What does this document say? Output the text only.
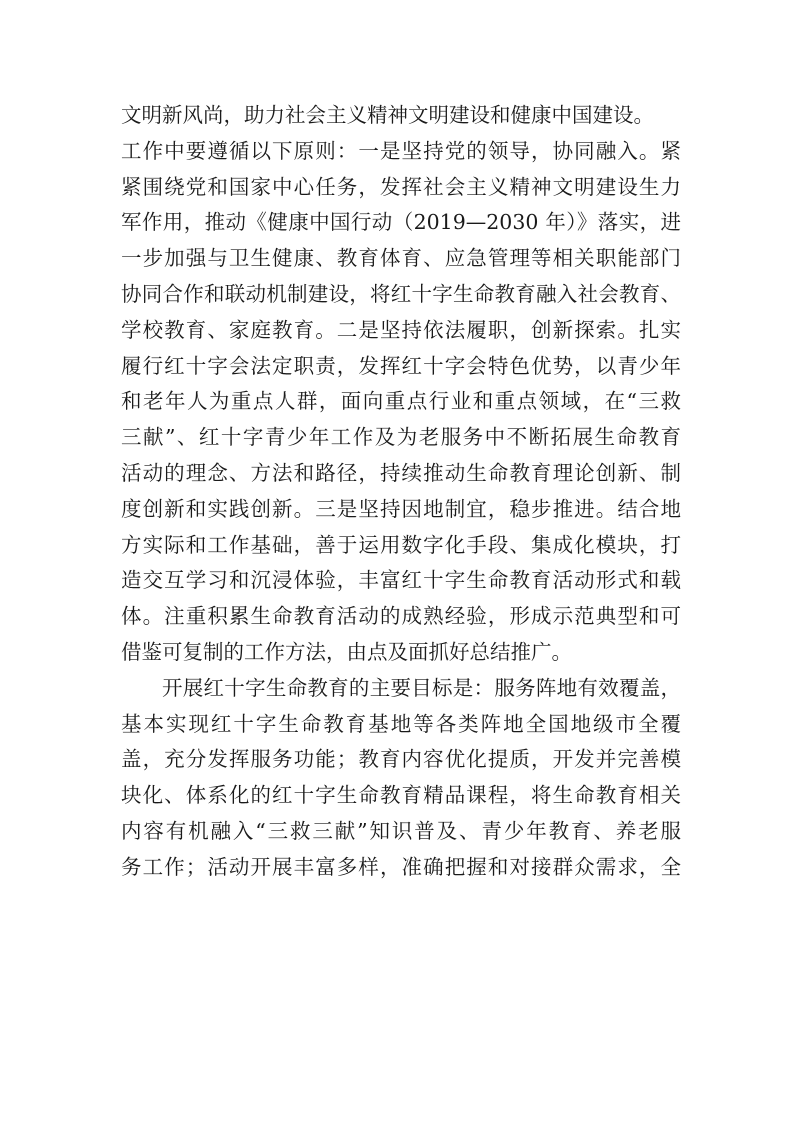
文明新风尚，助力社会主义精神文明建设和健康中国建设。
工作中要遵循以下原则：一是坚持党的领导，协同融入。紧
紧围绕党和国家中心任务，发挥社会主义精神文明建设生力
军作用，推动《健康中国行动（2019—2030 年）》落实，进
一步加强与卫生健康、教育体育、应急管理等相关职能部门
协同合作和联动机制建设，将红十字生命教育融入社会教育、
学校教育、家庭教育。二是坚持依法履职，创新探索。扎实
履行红十字会法定职责，发挥红十字会特色优势，以青少年
和老年人为重点人群，面向重点行业和重点领域，在“三救
三献”、红十字青少年工作及为老服务中不断拓展生命教育
活动的理念、方法和路径，持续推动生命教育理论创新、制
度创新和实践创新。三是坚持因地制宜，稳步推进。结合地
方实际和工作基础，善于运用数字化手段、集成化模块，打
造交互学习和沉浸体验，丰富红十字生命教育活动形式和载
体。注重积累生命教育活动的成熟经验，形成示范典型和可
借鉴可复制的工作方法，由点及面抓好总结推广。
开展红十字生命教育的主要目标是：服务阵地有效覆盖，
基本实现红十字生命教育基地等各类阵地全国地级市全覆
盖，充分发挥服务功能；教育内容优化提质，开发并完善模
块化、体系化的红十字生命教育精品课程，将生命教育相关
内容有机融入“三救三献”知识普及、青少年教育、养老服
务工作；活动开展丰富多样，准确把握和对接群众需求，全
